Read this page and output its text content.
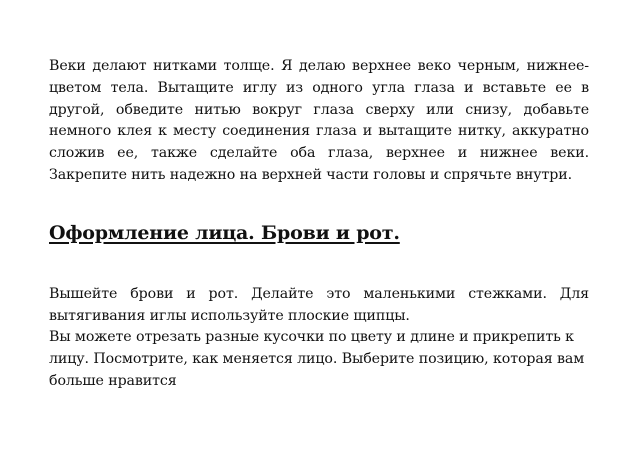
Веки делают нитками толще. Я делаю верхнее веко черным, нижнее-цветом тела. Вытащите иглу из одного угла глаза и вставьте ее в другой, обведите нитью вокруг глаза сверху или снизу, добавьте немного клея к месту соединения глаза и вытащите нитку, аккуратно сложив ее, также сделайте оба глаза, верхнее и нижнее веки. Закрепите нить надежно на верхней части головы и спрячьте внутри.

Оформление лица. Брови и рот.

Вышейте брови и рот. Делайте это маленькими стежками. Для вытягивания иглы используйте плоские щипцы.

Вы можете отрезать разные кусочки по цвету и длине и прикрепить к лицу. Посмотрите, как меняется лицо. Выберите позицию, которая вам больше нравится
